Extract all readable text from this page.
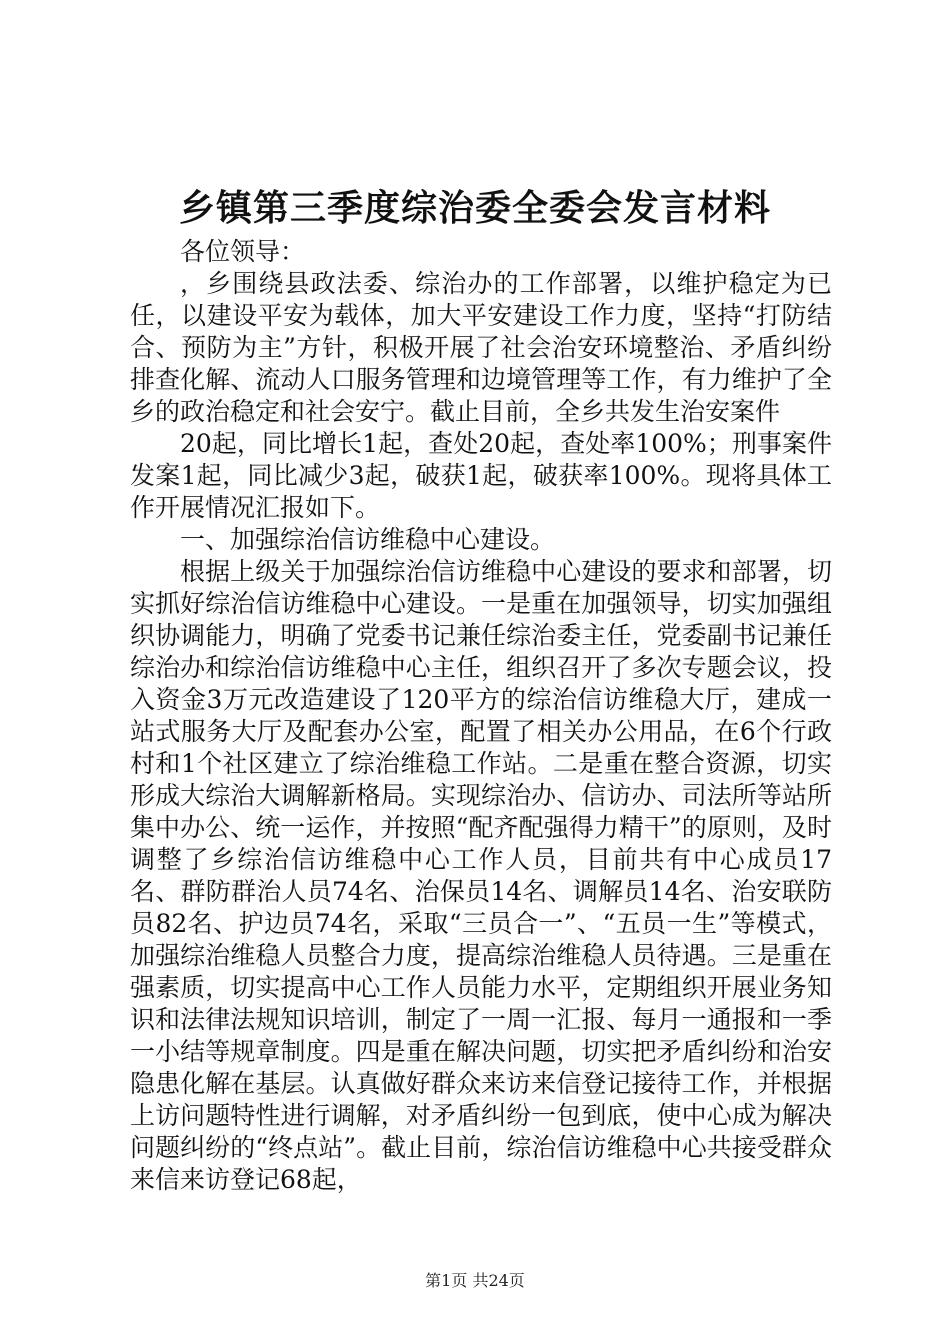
乡镇第三季度综治委全委会发言材料

各位领导：

，乡围绕县政法委、综治办的工作部署，以维护稳定为已任，以建设平安为载体，加大平安建设工作力度，坚持“打防结合、预防为主”方针，积极开展了社会治安环境整治、矛盾纠纷排查化解、流动人口服务管理和边境管理等工作，有力维护了全乡的政治稳定和社会安宁。截止目前，全乡共发生治安案件

20起，同比增长1起，查处20起，查处率100%；刑事案件发案1起，同比减少3起，破获1起，破获率100%。现将具体工作开展情况汇报如下。

一、加强综治信访维稳中心建设。

根据上级关于加强综治信访维稳中心建设的要求和部署，切实抓好综治信访维稳中心建设。一是重在加强领导，切实加强组织协调能力，明确了党委书记兼任综治委主任，党委副书记兼任综治办和综治信访维稳中心主任，组织召开了多次专题会议，投入资金3万元改造建设了120平方的综治信访维稳大厅，建成一站式服务大厅及配套办公室，配置了相关办公用品，在6个行政村和1个社区建立了综治维稳工作站。二是重在整合资源，切实形成大综治大调解新格局。实现综治办、信访办、司法所等站所集中办公、统一运作，并按照“配齐配强得力精干”的原则，及时调整了乡综治信访维稳中心工作人员，目前共有中心成员17名、群防群治人员74名、治保员14名、调解员14名、治安联防员82名、护边员74名，采取“三员合一”、“五员一生”等模式，加强综治维稳人员整合力度，提高综治维稳人员待遇。三是重在强素质，切实提高中心工作人员能力水平，定期组织开展业务知识和法律法规知识培训，制定了一周一汇报、每月一通报和一季一小结等规章制度。四是重在解决问题，切实把矛盾纠纷和治安隐患化解在基层。认真做好群众来访来信登记接待工作，并根据上访问题特性进行调解，对矛盾纠纷一包到底，使中心成为解决问题纠纷的“终点站”。截止目前，综治信访维稳中心共接受群众来信来访登记68起，

第1页 共24页
